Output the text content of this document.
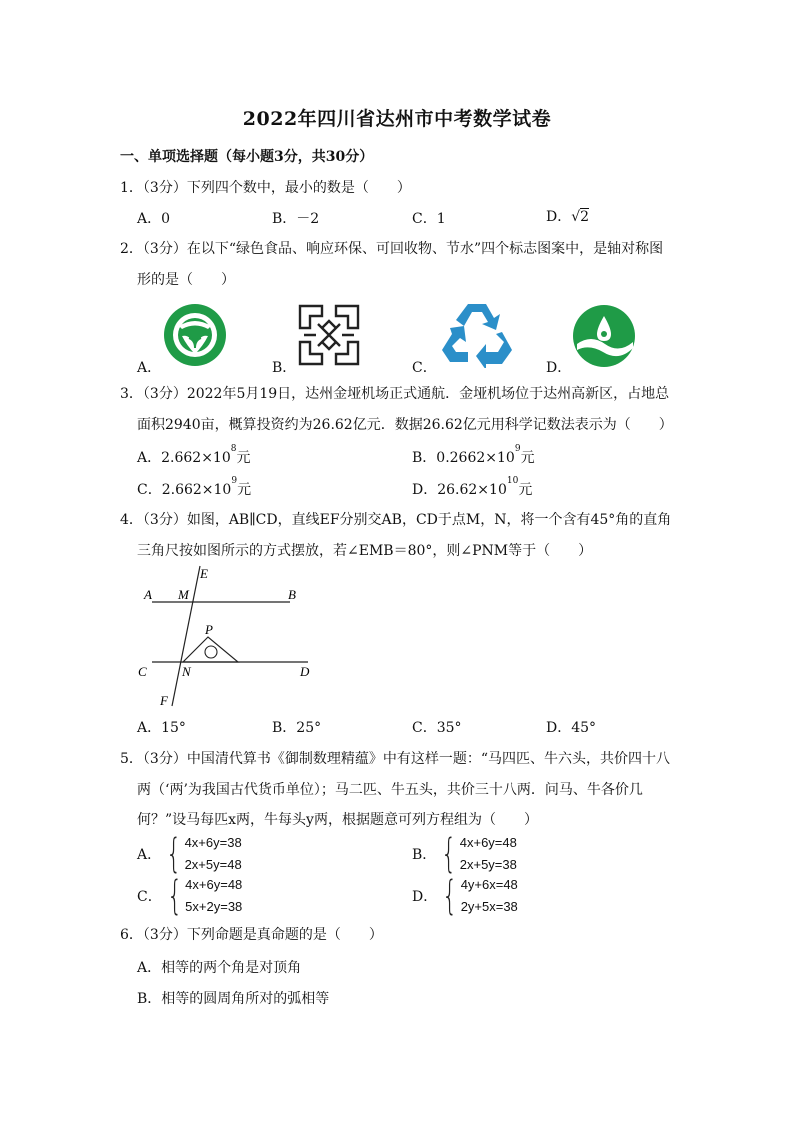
2022年四川省达州市中考数学试卷
一、单项选择题（每小题3分，共30分）
1．（3分）下列四个数中，最小的数是（　　）
A．0	B．－2	C．1	D．√2
2．（3分）在以下“绿色食品、响应环保、可回收物、节水”四个标志图案中，是轴对称图
形的是（　　）
A．	B．	C．	D．
3．（3分）2022年5月19日，达州金垭机场正式通航．金垭机场位于达州高新区，占地总
面积2940亩，概算投资约为26.62亿元．数据26.62亿元用科学记数法表示为（　　）
A．$2.662\times 10^8$元	B．$0.2662\times 10^9$元
C．$2.662\times 10^9$元	D．$26.62\times 10^{10}$元
4．（3分）如图，AB∥CD，直线EF分别交AB，CD于点M，N，将一个含有45°角的直角
三角尺按如图所示的方式摆放，若∠EMB＝80°，则∠PNM等于（　　）
A M
E
B
P
C	N	D
F
A．15°	B．25°	C．35°	D．45°
5．（3分）中国清代算书《御制数理精蕴》中有这样一题：“马四匹、牛六头，共价四十八
两（‘两’为我国古代货币单位）；马二匹、牛五头，共价三十八两．问马、牛各价几
何？”设马每匹x两，牛每头y两，根据题意可列方程组为（　　）
A． { 4x+6y=38
2x+5y=48
B． { 4x+6y=48
2x+5y=38
C． { 4x+6y=48
5x+2y=38
D． { 4y+6x=48
2y+5x=38
6．（3分）下列命题是真命题的是（　　）
A．相等的两个角是对顶角
B．相等的圆周角所对的弧相等
